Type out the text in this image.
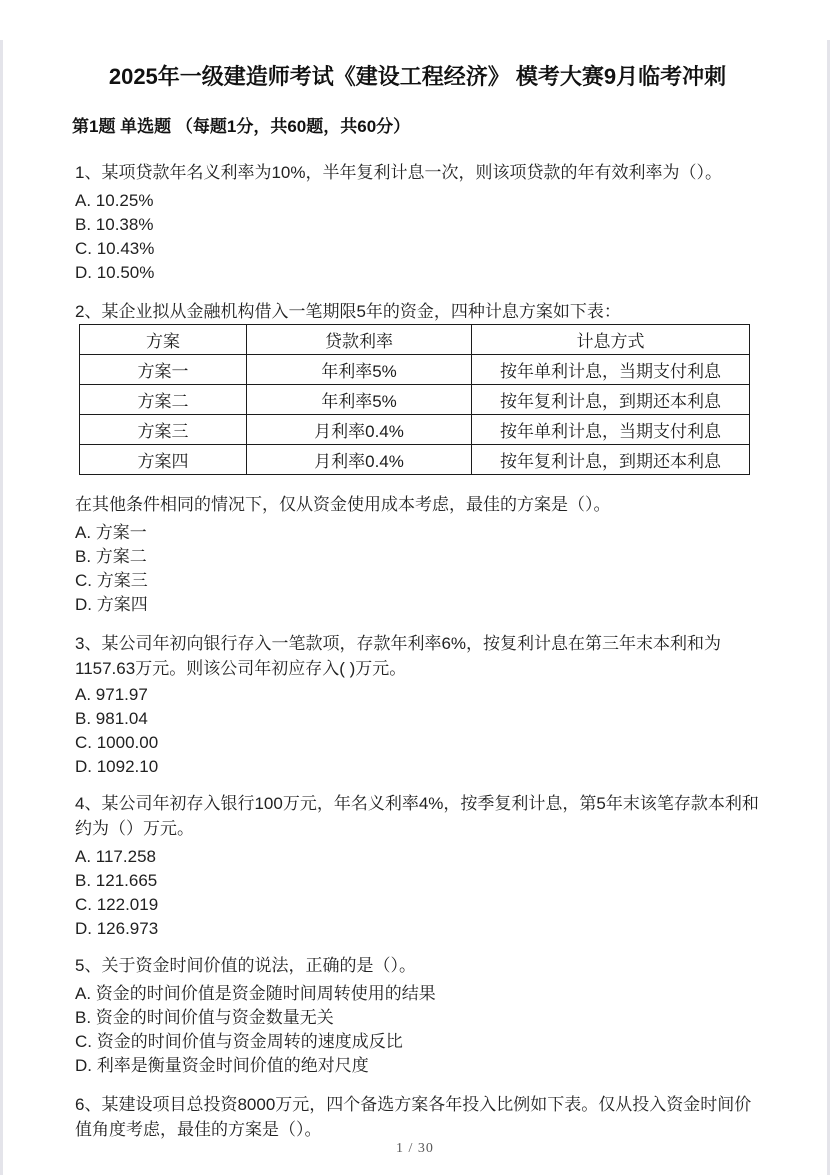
2025年一级建造师考试《建设工程经济》 模考大赛9月临考冲刺
第1题 单选题 （每题1分，共60题，共60分）

1、某项贷款年名义利率为10%，半年复利计息一次，则该项贷款的年有效利率为（）。

A. 10.25%
B. 10.38%
C. 10.43%
D. 10.50%

2、某企业拟从金融机构借入一笔期限5年的资金，四种计息方案如下表：

方案	贷款利率	计息方式
方案一	年利率5%	按年单利计息，当期支付利息
方案二	年利率5%	按年复利计息，到期还本利息
方案三	月利率0.4%	按年单利计息，当期支付利息
方案四	月利率0.4%	按年复利计息，到期还本利息

在其他条件相同的情况下，仅从资金使用成本考虑，最佳的方案是（）。

A. 方案一
B. 方案二
C. 方案三
D. 方案四

3、某公司年初向银行存入一笔款项，存款年利率6%，按复利计息在第三年末本利和为1157.63万元。则该公司年初应存入( )万元。

A. 971.97
B. 981.04
C. 1000.00
D. 1092.10

4、某公司年初存入银行100万元，年名义利率4%，按季复利计息，第5年末该笔存款本利和约为（）万元。

A. 117.258
B. 121.665
C. 122.019
D. 126.973

5、关于资金时间价值的说法，正确的是（）。

A. 资金的时间价值是资金随时间周转使用的结果
B. 资金的时间价值与资金数量无关
C. 资金的时间价值与资金周转的速度成反比
D. 利率是衡量资金时间价值的绝对尺度

6、某建设项目总投资8000万元，四个备选方案各年投入比例如下表。仅从投入资金时间价值角度考虑，最佳的方案是（）。

1 / 30
